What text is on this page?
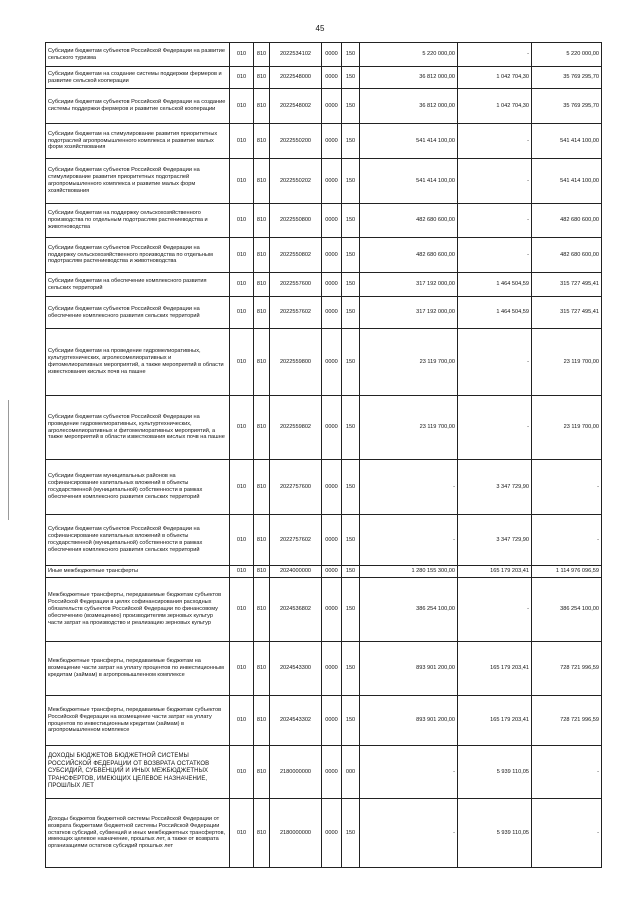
45
Субсидии бюджетам субъектов Российской Федерации на развитие сельского туризма	010	810	2022534102	0000	150	5 220 000,00	-	5 220 000,00
Субсидии бюджетам на создание системы поддержки фермеров и развитие сельской кооперации	010	810	2022548000	0000	150	36 812 000,00	1 042 704,30	35 769 295,70
Субсидии бюджетам субъектов Российской Федерации на создание системы поддержки фермеров и развитие сельской кооперации	010	810	2022548002	0000	150	36 812 000,00	1 042 704,30	35 769 295,70
Субсидии бюджетам на стимулирование развития приоритетных подотраслей агропромышленного комплекса и развитие малых форм хозяйствования	010	810	2022550200	0000	150	541 414 100,00	-	541 414 100,00
Субсидии бюджетам субъектов Российской Федерации на стимулирование развития приоритетных подотраслей агропромышленного комплекса и развитие малых форм хозяйствования	010	810	2022550202	0000	150	541 414 100,00	-	541 414 100,00
Субсидии бюджетам на поддержку сельскохозяйственного производства по отдельным подотраслям растениеводства и животноводства	010	810	2022550800	0000	150	482 680 600,00	-	482 680 600,00
Субсидии бюджетам субъектов Российской Федерации на поддержку сельскохозяйственного производства по отдельным подотраслям растениеводства и животноводства	010	810	2022550802	0000	150	482 680 600,00	-	482 680 600,00
Субсидии бюджетам на обеспечение комплексного развития сельских территорий	010	810	2022557600	0000	150	317 192 000,00	1 464 504,59	315 727 495,41
Субсидии бюджетам субъектов Российской Федерации на обеспечение комплексного развития сельских территорий	010	810	2022557602	0000	150	317 192 000,00	1 464 504,59	315 727 495,41
Субсидии бюджетам на проведение гидромелиоративных, культуртехнических, агролесомелиоративных и фитомелиоративных мероприятий, а также мероприятий в области известкования кислых почв на пашне	010	810	2022559800	0000	150	23 119 700,00	-	23 119 700,00
Субсидии бюджетам субъектов Российской Федерации на проведение гидромелиоративных, культуртехнических, агролесомелиоративных и фитомелиоративных мероприятий, а также мероприятий в области известкования кислых почв на пашне	010	810	2022559802	0000	150	23 119 700,00	-	23 119 700,00
Субсидии бюджетам муниципальных районов на софинансирование капитальных вложений в объекты государственной (муниципальной) собственности в рамках обеспечения комплексного развития сельских территорий	010	810	2022757600	0000	150	-	3 347 729,90	-
Субсидии бюджетам субъектов Российской Федерации на софинансирование капитальных вложений в объекты государственной (муниципальной) собственности в рамках обеспечения комплексного развития сельских территорий	010	810	2022757602	0000	150	-	3 347 729,90	-
Иные межбюджетные трансферты	010	810	2024000000	0000	150	1 280 155 300,00	165 179 203,41	1 114 976 096,59
Межбюджетные трансферты, передаваемые бюджетам субъектов Российской Федерации в целях софинансирования расходных обязательств субъектов Российской Федерации по финансовому обеспечению (возмещению) производителям зерновых культур части затрат на производство и реализацию зерновых культур	010	810	2024536802	0000	150	386 254 100,00	-	386 254 100,00
Межбюджетные трансферты, передаваемые бюджетам на возмещение части затрат на уплату процентов по инвестиционным кредитам (займам) в агропромышленном комплексе	010	810	2024543300	0000	150	893 901 200,00	165 179 203,41	728 721 996,59
Межбюджетные трансферты, передаваемые бюджетам субъектов Российской Федерации на возмещение части затрат на уплату процентов по инвестиционным кредитам (займам) в агропромышленном комплексе	010	810	2024543302	0000	150	893 901 200,00	165 179 203,41	728 721 996,59
ДОХОДЫ БЮДЖЕТОВ БЮДЖЕТНОЙ СИСТЕМЫ РОССИЙСКОЙ ФЕДЕРАЦИИ ОТ ВОЗВРАТА ОСТАТКОВ СУБСИДИЙ, СУБВЕНЦИЙ И ИНЫХ МЕЖБЮДЖЕТНЫХ ТРАНСФЕРТОВ, ИМЕЮЩИХ ЦЕЛЕВОЕ НАЗНАЧЕНИЕ, ПРОШЛЫХ ЛЕТ	010	810	2180000000	0000	000	-	5 939 110,05	-
Доходы бюджетов бюджетной системы Российской Федерации от возврата бюджетами бюджетной системы Российской Федерации остатков субсидий, субвенций и иных межбюджетных трансфертов, имеющих целевое назначение, прошлых лет, а также от возврата организациями остатков субсидий прошлых лет	010	810	2180000000	0000	150	-	5 939 110,05	-
